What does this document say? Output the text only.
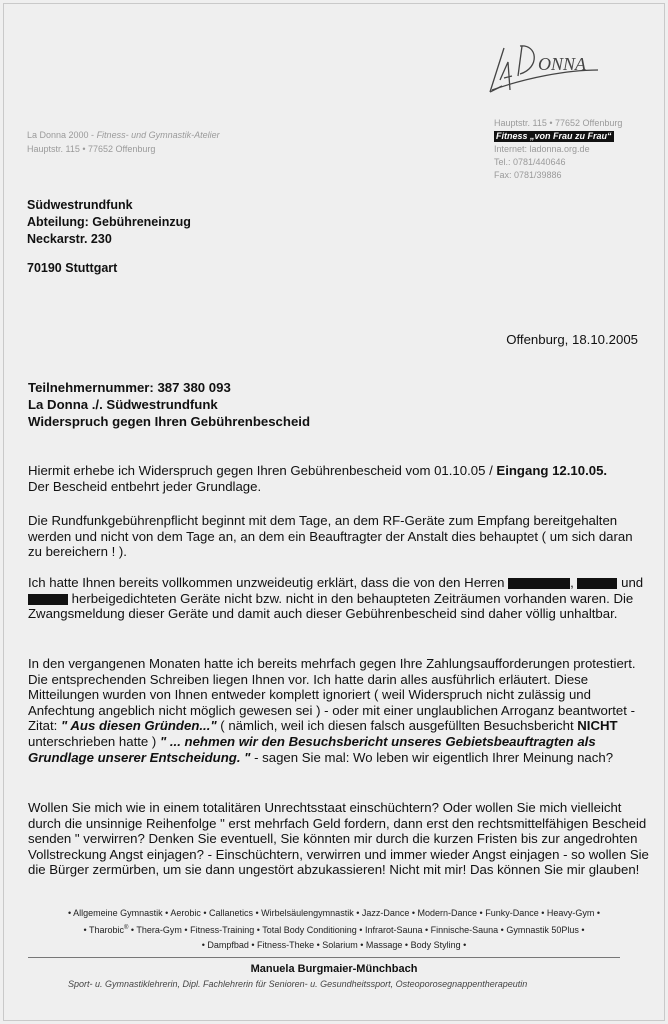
ONNA
La Donna 2000 - Fitness- und Gymnastik-Atelier
Hauptstr. 115 • 77652 Offenburg
Hauptstr. 115 • 77652 Offenburg
Fitness „von Frau zu Frau“
Internet: ladonna.org.de
Tel.: 0781/440646
Fax: 0781/39886
Südwestrundfunk
Abteilung: Gebühreneinzug
Neckarstr. 230
70190 Stuttgart
Offenburg, 18.10.2005
Teilnehmernummer: 387 380 093
La Donna ./. Südwestrundfunk
Widerspruch gegen Ihren Gebührenbescheid
Hiermit erhebe ich Widerspruch gegen Ihren Gebührenbescheid vom 01.10.05 / Eingang 12.10.05.
Der Bescheid entbehrt jeder Grundlage.
Die Rundfunkgebührenpflicht beginnt mit dem Tage, an dem RF-Geräte zum Empfang bereitgehalten werden und nicht von dem Tage an, an dem ein Beauftragter der Anstalt dies behauptet ( um sich daran zu bereichern ! ).
Ich hatte Ihnen bereits vollkommen unzweideutig erklärt, dass die von den Herren	,	und  herbeigedichteten Geräte nicht bzw. nicht in den behaupteten Zeiträumen vorhanden waren. Die Zwangsmeldung dieser Geräte und damit auch dieser Gebührenbescheid sind daher völlig unhaltbar.
In den vergangenen Monaten hatte ich bereits mehrfach gegen Ihre Zahlungsaufforderungen protestiert. Die entsprechenden Schreiben liegen Ihnen vor. Ich hatte darin alles ausführlich erläutert. Diese Mitteilungen wurden von Ihnen entweder komplett ignoriert ( weil Widerspruch nicht zulässig und Anfechtung angeblich nicht möglich gewesen sei ) - oder mit einer unglaublichen Arroganz beantwortet - Zitat: " Aus diesen Gründen..." ( nämlich, weil ich diesen falsch ausgefüllten Besuchsbericht NICHT unterschrieben hatte ) " ... nehmen wir den Besuchsbericht unseres Gebietsbeauftragten als Grundlage unserer Entscheidung. " - sagen Sie mal: Wo leben wir eigentlich Ihrer Meinung nach?
Wollen Sie mich wie in einem totalitären Unrechtsstaat einschüchtern? Oder wollen Sie mich vielleicht durch die unsinnige Reihenfolge " erst mehrfach Geld fordern, dann erst den rechtsmittelfähigen Bescheid senden " verwirren? Denken Sie eventuell, Sie könnten mir durch die kurzen Fristen bis zur angedrohten Vollstreckung Angst einjagen? - Einschüchtern, verwirren und immer wieder Angst einjagen - so wollen Sie die Bürger zermürben, um sie dann ungestört abzukassieren! Nicht mit mir! Das können Sie mir glauben!
• Allgemeine Gymnastik • Aerobic • Callanetics • Wirbelsäulengymnastik • Jazz-Dance • Modern-Dance • Funky-Dance • Heavy-Gym •
• Tharobic® • Thera-Gym • Fitness-Training • Total Body Conditioning • Infrarot-Sauna • Finnische-Sauna • Gymnastik 50Plus •
• Dampfbad • Fitness-Theke • Solarium • Massage • Body Styling •
Manuela Burgmaier-Münchbach
Sport- u. Gymnastiklehrerin, Dipl. Fachlehrerin für Senioren- u. Gesundheitssport, Osteoporosegnappentherapeutin
